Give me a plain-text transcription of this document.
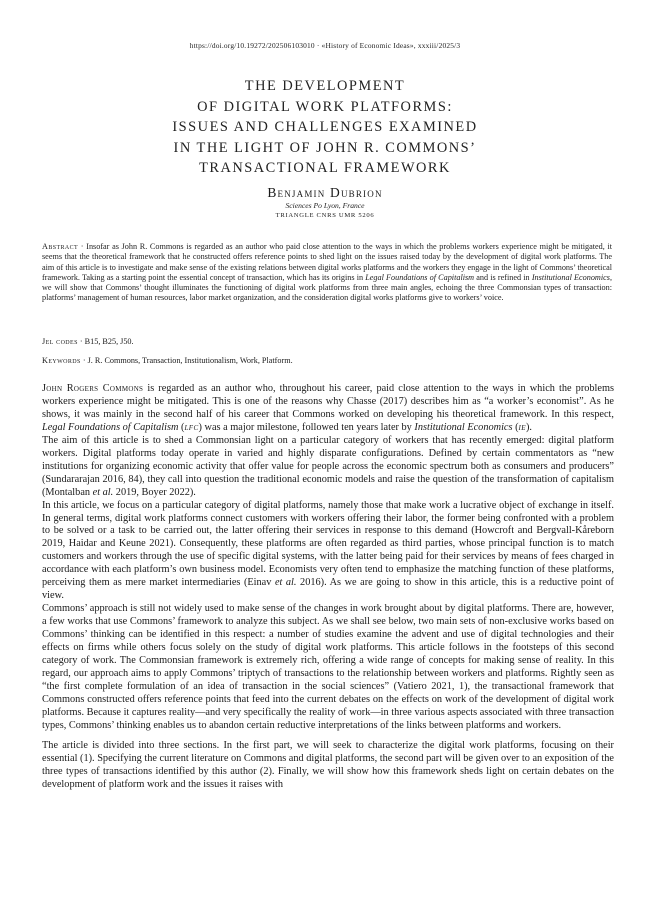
https://doi.org/10.19272/202506103010 · «History of Economic Ideas», xxxiii/2025/3
THE DEVELOPMENT
OF DIGITAL WORK PLATFORMS:
ISSUES AND CHALLENGES EXAMINED
IN THE LIGHT OF JOHN R. COMMONS’
TRANSACTIONAL FRAMEWORK
Benjamin Dubrion
Sciences Po Lyon, France
TRIANGLE CNRS UMR 5206

Abstract · Insofar as John R. Commons is regarded as an author who paid close attention to the ways in which the problems workers experience might be mitigated, it seems that the theoretical framework that he constructed offers reference points to shed light on the issues raised today by the development of digital work platforms. The aim of this article is to investigate and make sense of the existing relations between digital works platforms and the workers they engage in the light of Commons’ theoretical framework. Taking as a starting point the essential concept of transaction, which has its origins in Legal Foundations of Capitalism and is refined in Institutional Economics, we will show that Commons’ thought illuminates the functioning of digital work platforms from three main angles, echoing the three Commonsian types of transaction: platforms’ management of human resources, labor market organization, and the consideration digital works platforms give to workers’ voice.

Jel codes · B15, B25, J50.
Keywords · J. R. Commons, Transaction, Institutionalism, Work, Platform.

John Rogers Commons is regarded as an author who, throughout his career, paid close attention to the ways in which the problems workers experience might be mitigated. This is one of the reasons why Chasse (2017) describes him as “a worker’s economist”. As he shows, it was mainly in the second half of his career that Commons worked on developing his theoretical framework. In this respect, Legal Foundations of Capitalism (lfc) was a major milestone, followed ten years later by Institutional Economics (ie).

The aim of this article is to shed a Commonsian light on a particular category of workers that has recently emerged: digital platform workers. Digital platforms today operate in varied and highly disparate configurations. Defined by certain commentators as “new institutions for organizing economic activity that offer value for people across the economic spectrum both as consumers and producers” (Sundararajan 2016, 84), they call into question the traditional economic models and raise the question of the transformation of capitalism (Montalban et al. 2019, Boyer 2022).

In this article, we focus on a particular category of digital platforms, namely those that make work a lucrative object of exchange in itself. In general terms, digital work platforms connect customers with workers offering their labor, the former being confronted with a problem to be solved or a task to be carried out, the latter offering their services in response to this demand (Howcroft and Bergvall-Kåreborn 2019, Haidar and Keune 2021). Consequently, these platforms are often regarded as third parties, whose principal function is to match customers and workers through the use of specific digital systems, with the latter being paid for their services by means of fees charged in accordance with each platform’s own business model. Economists very often tend to emphasize the matching function of these platforms, perceiving them as mere market intermediaries (Einav et al. 2016). As we are going to show in this article, this is a reductive point of view.

Commons’ approach is still not widely used to make sense of the changes in work brought about by digital platforms. There are, however, a few works that use Commons’ framework to analyze this subject. As we shall see below, two main sets of non-exclusive works based on Commons’ thinking can be identified in this respect: a number of studies examine the advent and use of digital technologies and their effects on firms while others focus solely on the study of digital work platforms. This article follows in the footsteps of this second category of work. The Commonsian framework is extremely rich, offering a wide range of concepts for making sense of reality. In this regard, our approach aims to apply Commons’ triptych of transactions to the relationship between workers and platforms. Rightly seen as “the first complete formulation of an idea of transaction in the social sciences” (Vatiero 2021, 1), the transactional framework that Commons constructed offers reference points that feed into the current debates on the effects on work of the development of digital work platforms. Because it captures reality—and very specifically the reality of work—in three various aspects associated with three transaction types, Commons’ thinking enables us to abandon certain reductive interpretations of the links between platforms and workers.

The article is divided into three sections. In the first part, we will seek to characterize the digital work platforms, focusing on their essential (1). Specifying the current literature on Commons and digital platforms, the second part will be given over to an exposition of the three types of transactions identified by this author (2). Finally, we will show how this framework sheds light on certain debates on the development of platform work and the issues it raises with
